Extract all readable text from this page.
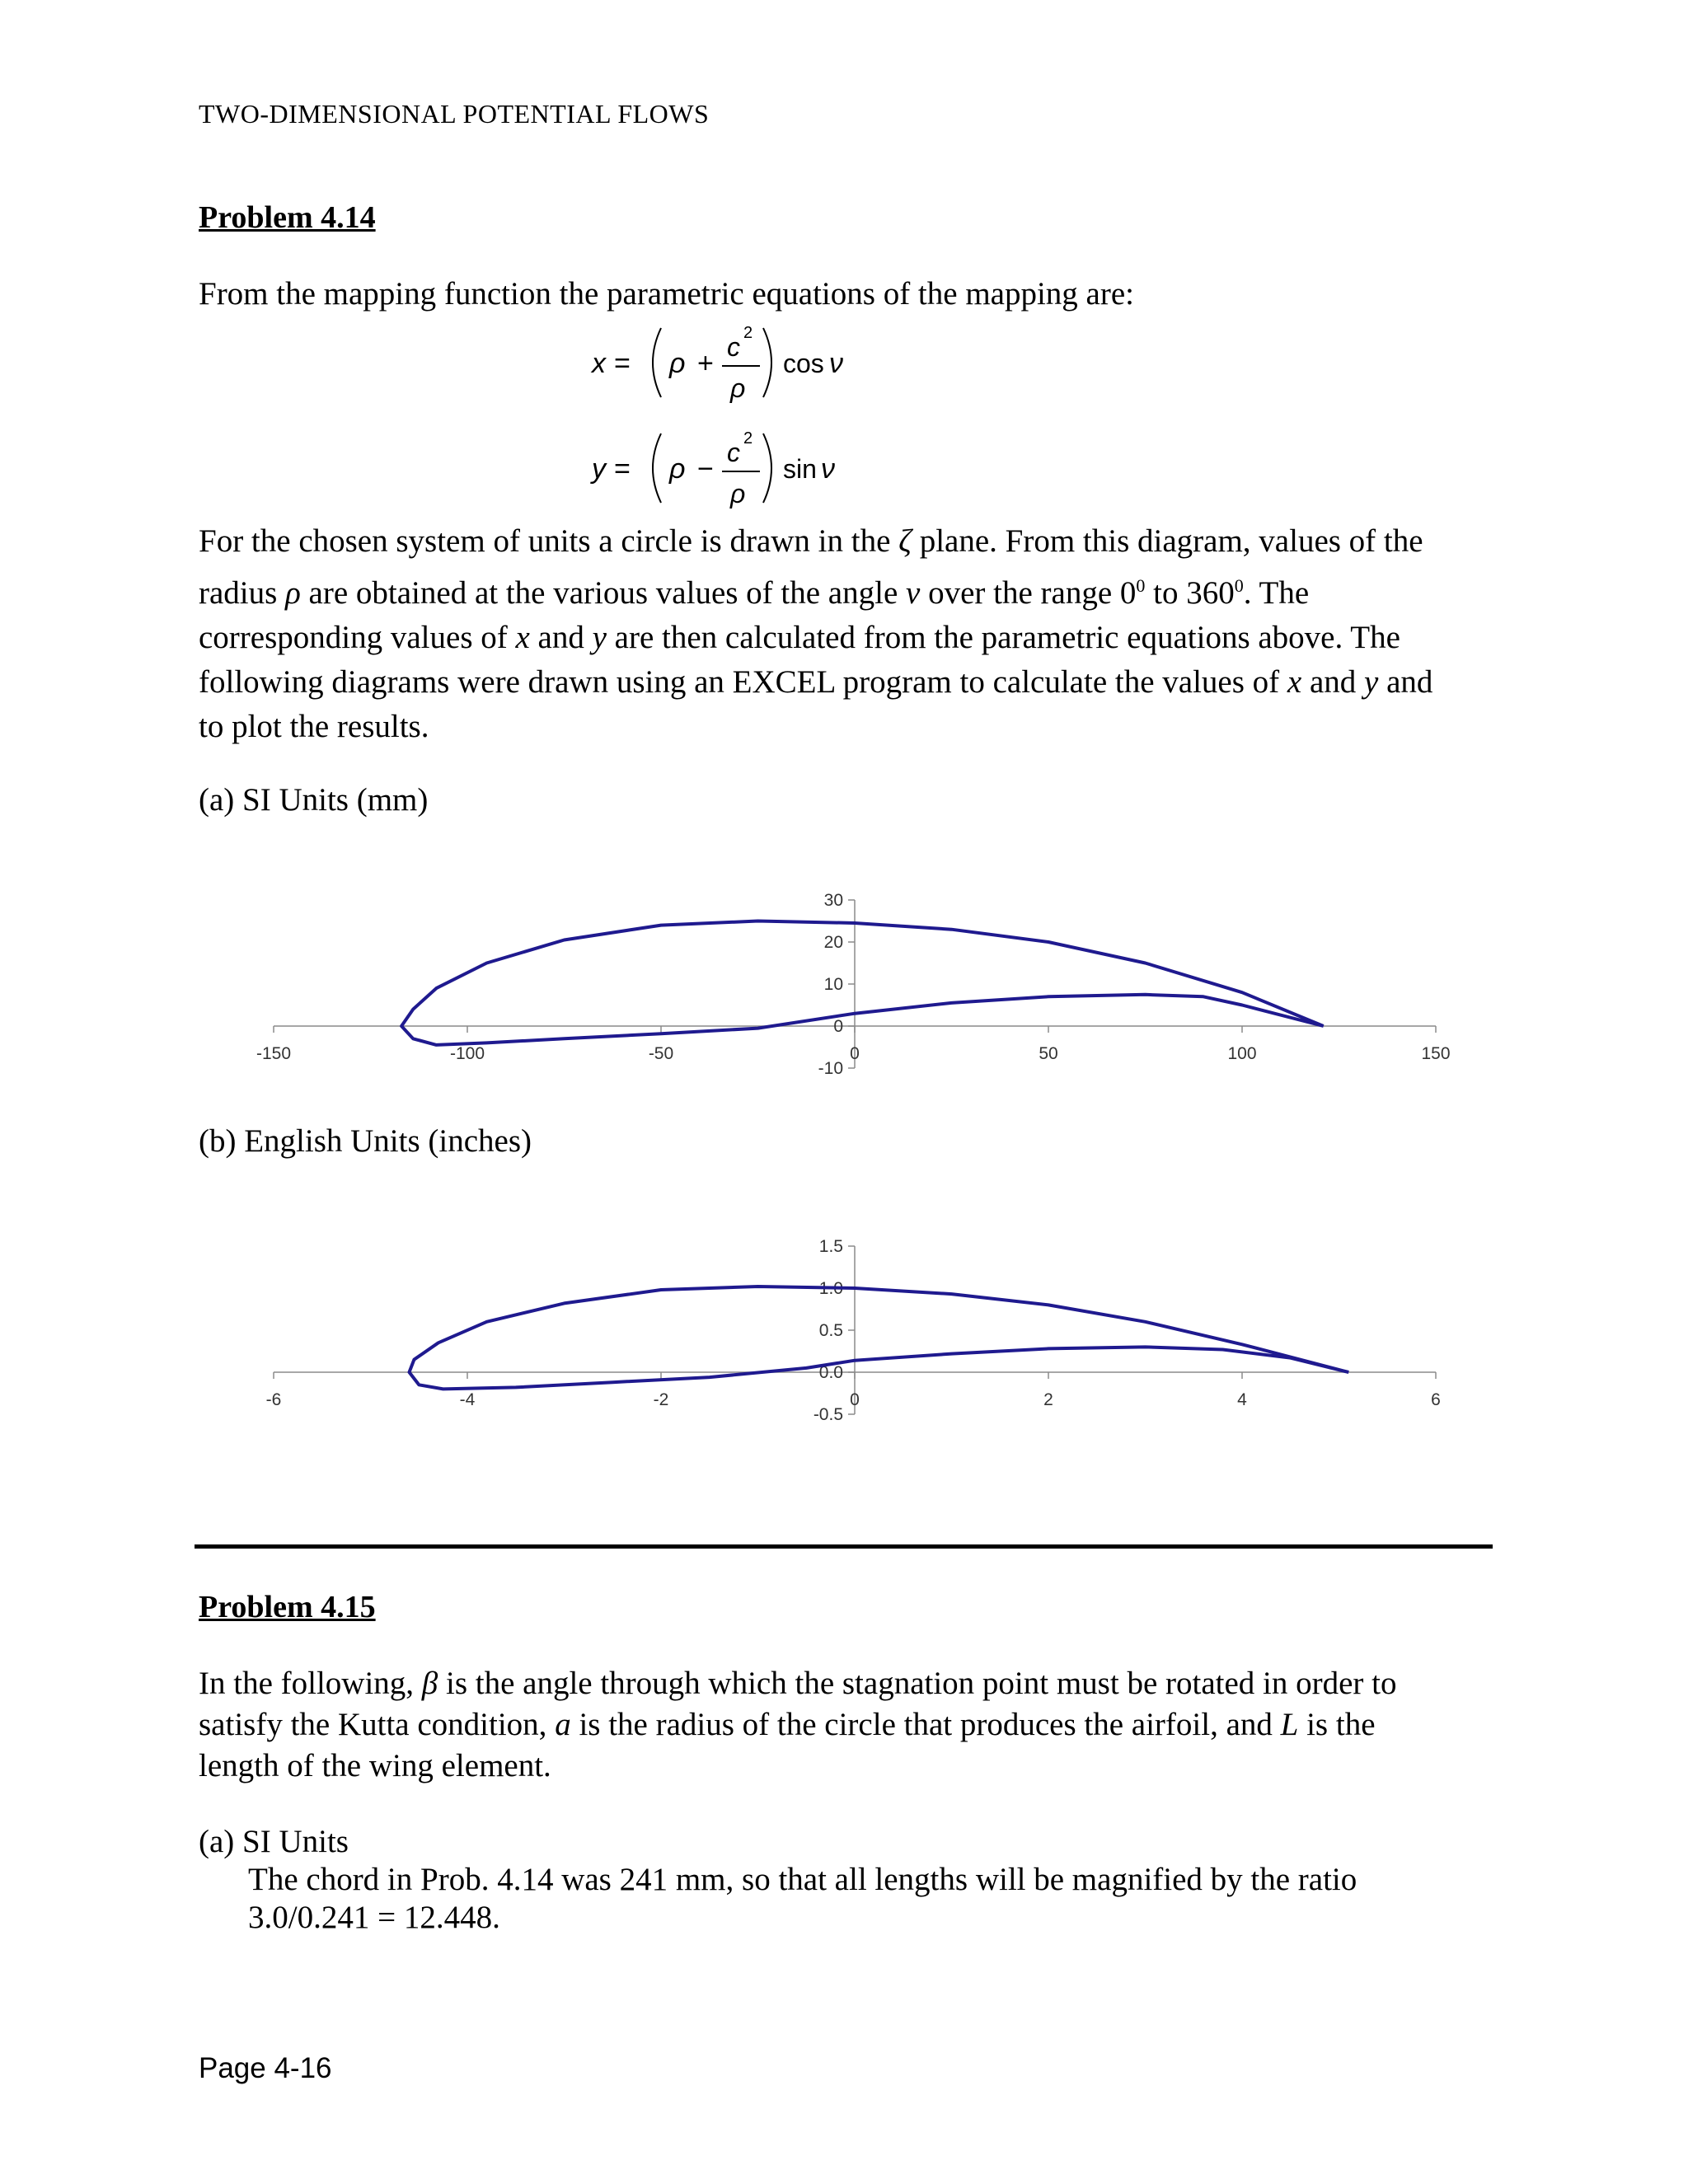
TWO-DIMENSIONAL POTENTIAL FLOWS
Problem 4.14
From the mapping function the parametric equations of the mapping are:
x = ρ +
c 2
ρ
cos ν
y = ρ −
c 2
ρ
sin ν
For the chosen system of units a circle is drawn in the ζ plane. From this diagram, values of the
radius ρ are obtained at the various values of the angle ν over the range $0^0$ to $360^0$. The
corresponding values of x and y are then calculated from the parametric equations above. The
following diagrams were drawn using an EXCEL program to calculate the values of x and y and
to plot the results.
(a) SI Units (mm)
-150	-100	-50	0	50	100	150
30
20
10
0
-10
(b) English Units (inches)
-6	-4	-2	0	2	4	6
1.5
1.0
0.5
0.0
-0.5
Problem 4.15
In the following, β is the angle through which the stagnation point must be rotated in order to
satisfy the Kutta condition, a is the radius of the circle that produces the airfoil, and L is the
length of the wing element.
(a) SI Units
The chord in Prob. 4.14 was 241 mm, so that all lengths will be magnified by the ratio
3.0/0.241 = 12.448.
Page 4-16
